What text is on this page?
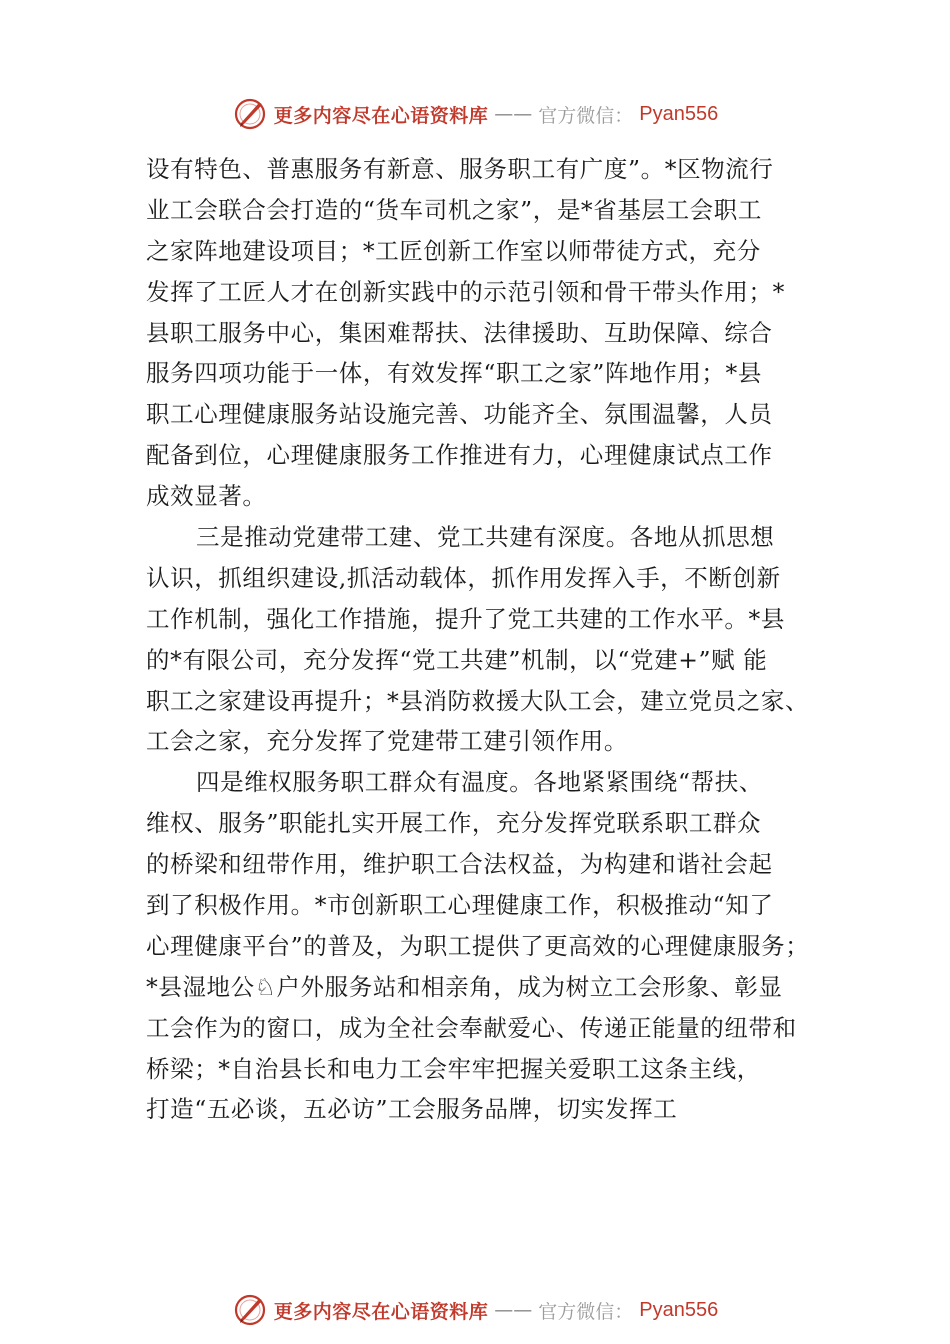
更多内容尽在心语资料库 —— 官方微信： Pyan556

设有特色、普惠服务有新意、服务职工有广度”。*区物流行

业工会联合会打造的“货车司机之家”，是*省基层工会职工

之家阵地建设项目；*工匠创新工作室以师带徒方式，充分

发挥了工匠人才在创新实践中的示范引领和骨干带头作用；*

县职工服务中心，集困难帮扶、法律援助、互助保障、综合

服务四项功能于一体，有效发挥“职工之家”阵地作用；*县

职工心理健康服务站设施完善、功能齐全、氛围温馨，人员

配备到位，心理健康服务工作推进有力，心理健康试点工作

成效显著。

三是推动党建带工建、党工共建有深度。各地从抓思想

认识，抓组织建设,抓活动载体，抓作用发挥入手，不断创新

工作机制，强化工作措施，提升了党工共建的工作水平。*县

的*有限公司，充分发挥“党工共建”机制，以“党建+”赋 能

职工之家建设再提升；*县消防救援大队工会，建立党员之家、

工会之家，充分发挥了党建带工建引领作用。

四是维权服务职工群众有温度。各地紧紧围绕“帮扶、

维权、服务”职能扎实开展工作，充分发挥党联系职工群众

的桥梁和纽带作用，维护职工合法权益，为构建和谐社会起

到了积极作用。*市创新职工心理健康工作，积极推动“知了

心理健康平台”的普及，为职工提供了更高效的心理健康服务；

*县湿地公♘户外服务站和相亲角，成为树立工会形象、彰显

工会作为的窗口，成为全社会奉献爱心、传递正能量的纽带和

桥梁；*自治县长和电力工会牢牢把握关爱职工这条主线，

打造“五必谈，五必访”工会服务品牌，切实发挥工

更多内容尽在心语资料库 —— 官方微信： Pyan556
